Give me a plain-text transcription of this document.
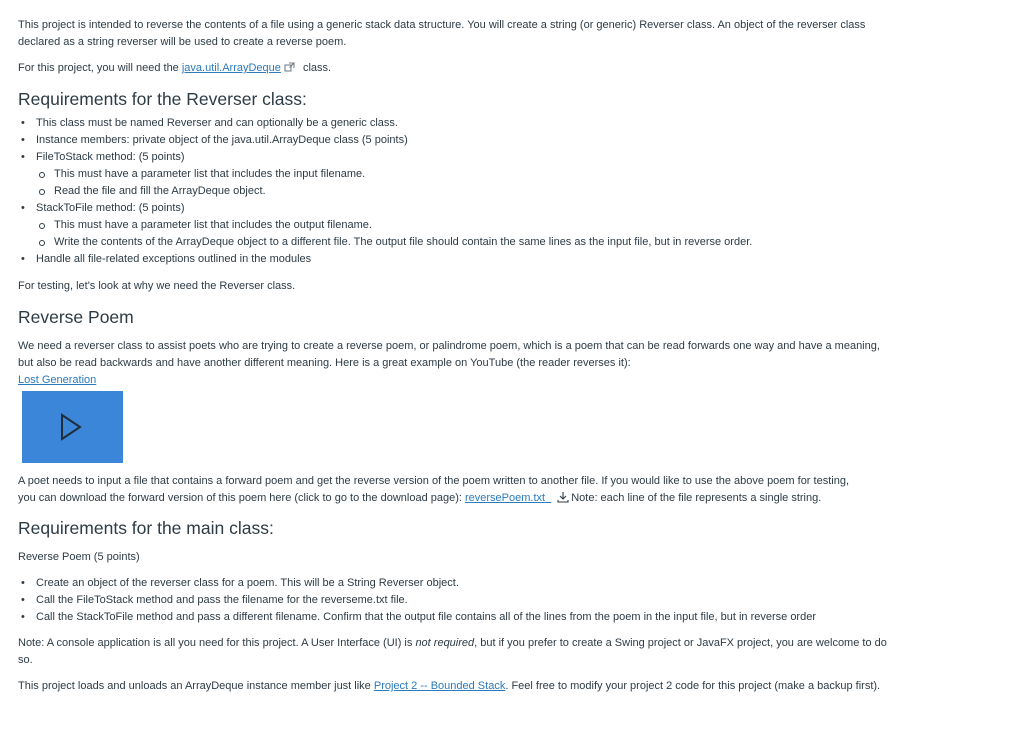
This project is intended to reverse the contents of a file using a generic stack data structure. You will create a string (or generic) Reverser class. An object of the reverser class declared as a string reverser will be used to create a reverse poem.

For this project, you will need the java.util.ArrayDeque class.

Requirements for the Reverser class:
• This class must be named Reverser and can optionally be a generic class.
• Instance members: private object of the java.util.ArrayDeque class (5 points)
• FileToStack method: (5 points)
This must have a parameter list that includes the input filename.
Read the file and fill the ArrayDeque object.
• StackToFile method: (5 points)
This must have a parameter list that includes the output filename.
Write the contents of the ArrayDeque object to a different file. The output file should contain the same lines as the input file, but in reverse order.
• Handle all file-related exceptions outlined in the modules

For testing, let's look at why we need the Reverser class.

Reverse Poem

We need a reverser class to assist poets who are trying to create a reverse poem, or palindrome poem, which is a poem that can be read forwards one way and have a meaning, but also be read backwards and have another different meaning. Here is a great example on YouTube (the reader reverses it):

Lost Generation

A poet needs to input a file that contains a forward poem and get the reverse version of the poem written to another file. If you would like to use the above poem for testing,

you can download the forward version of this poem here (click to go to the download page): reversePoem.txt Note: each line of the file represents a single string.

Requirements for the main class:

Reverse Poem (5 points)

• Create an object of the reverser class for a poem. This will be a String Reverser object.
• Call the FileToStack method and pass the filename for the reverseme.txt file.
• Call the StackToFile method and pass a different filename. Confirm that the output file contains all of the lines from the poem in the input file, but in reverse order

Note: A console application is all you need for this project. A User Interface (UI) is not required, but if you prefer to create a Swing project or JavaFX project, you are welcome to do so.

This project loads and unloads an ArrayDeque instance member just like Project 2 -- Bounded Stack. Feel free to modify your project 2 code for this project (make a backup first).
